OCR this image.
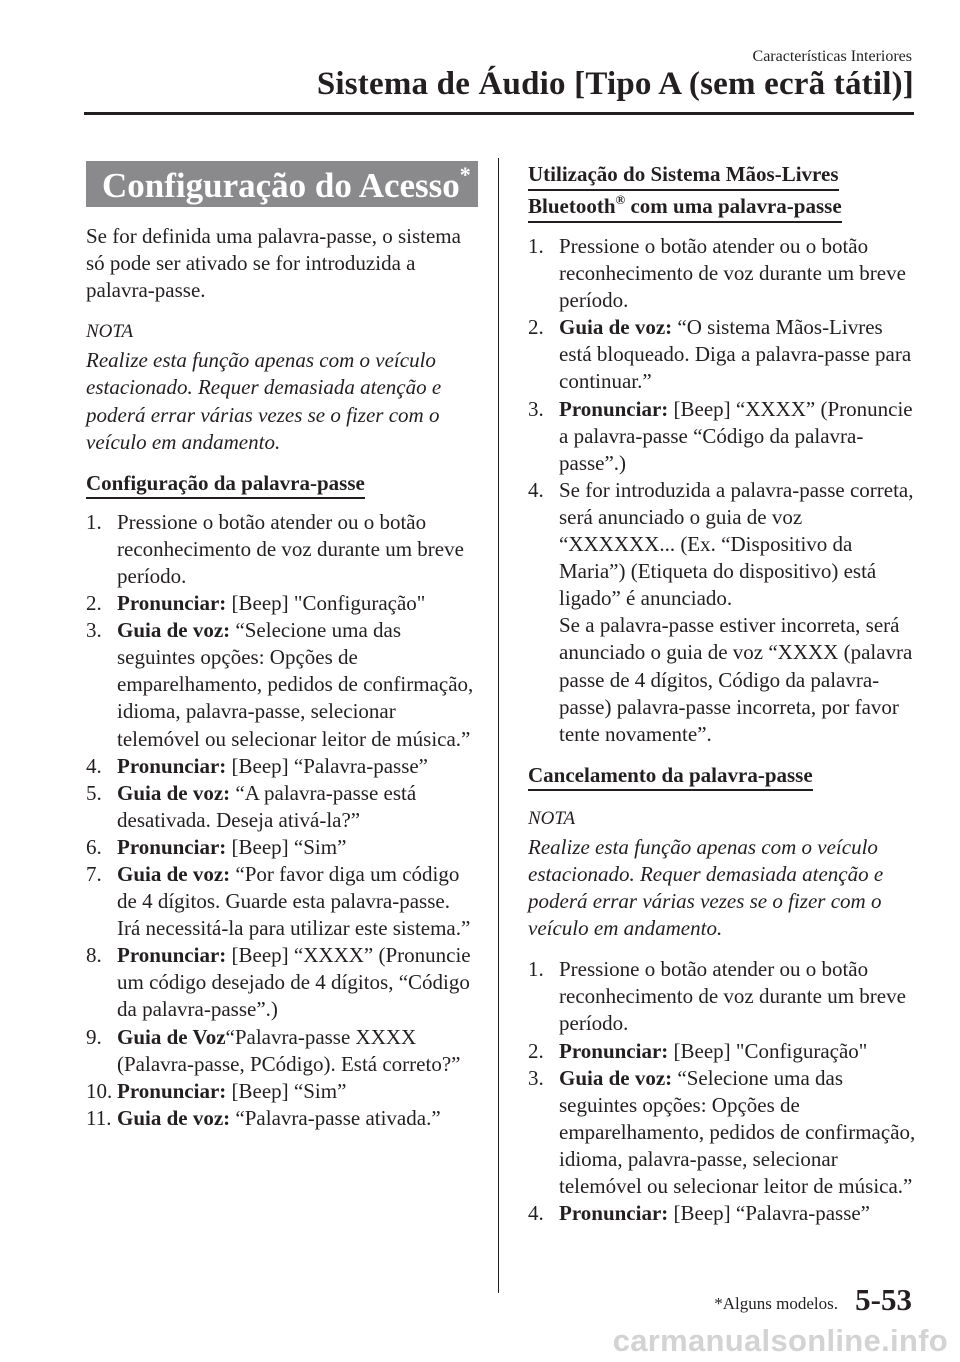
Características Interiores
Sistema de Áudio [Tipo A (sem ecrã tátil)]
Configuração do Acesso*

Se for definida uma palavra-passe, o sistema só pode ser ativado se for introduzida a palavra-passe.

NOTA

Realize esta função apenas com o veículo estacionado. Requer demasiada atenção e poderá errar várias vezes se o fizer com o veículo em andamento.

Configuração da palavra-passe
1. Pressione o botão atender ou o botão reconhecimento de voz durante um breve período.
2. Pronunciar: [Beep] "Configuração"
3. Guia de voz: “Selecione uma das seguintes opções: Opções de emparelhamento, pedidos de confirmação, idioma, palavra-passe, selecionar telemóvel ou selecionar leitor de música.”
4. Pronunciar: [Beep] “Palavra-passe”
5. Guia de voz: “A palavra-passe está desativada. Deseja ativá-la?”
6. Pronunciar: [Beep] “Sim”
7. Guia de voz: “Por favor diga um código de 4 dígitos. Guarde esta palavra-passe. Irá necessitá-la para utilizar este sistema.”
8. Pronunciar: [Beep] “XXXX” (Pronuncie um código desejado de 4 dígitos, “Código da palavra-passe”.)
9. Guia de Voz“Palavra-passe XXXX (Palavra-passe, PCódigo). Está correto?”
10. Pronunciar: [Beep] “Sim”
11. Guia de voz: “Palavra-passe ativada.”
Utilização do Sistema Mãos-Livres
Bluetooth® com uma palavra-passe
1. Pressione o botão atender ou o botão reconhecimento de voz durante um breve período.
2. Guia de voz: “O sistema Mãos-Livres está bloqueado. Diga a palavra-passe para continuar.”
3. Pronunciar: [Beep] “XXXX” (Pronuncie a palavra-passe “Código da palavra-passe”.)
4. Se for introduzida a palavra-passe correta, será anunciado o guia de voz “XXXXXX... (Ex. “Dispositivo da Maria”) (Etiqueta do dispositivo) está ligado” é anunciado.

Se a palavra-passe estiver incorreta, será anunciado o guia de voz “XXXX (palavra passe de 4 dígitos, Código da palavra-passe) palavra-passe incorreta, por favor tente novamente”.

Cancelamento da palavra-passe

NOTA

Realize esta função apenas com o veículo estacionado. Requer demasiada atenção e poderá errar várias vezes se o fizer com o veículo em andamento.

1. Pressione o botão atender ou o botão reconhecimento de voz durante um breve período.
2. Pronunciar: [Beep] "Configuração"
3. Guia de voz: “Selecione uma das seguintes opções: Opções de emparelhamento, pedidos de confirmação, idioma, palavra-passe, selecionar telemóvel ou selecionar leitor de música.”
4. Pronunciar: [Beep] “Palavra-passe”
*Alguns modelos. 5-53
carmanualsonline.info
